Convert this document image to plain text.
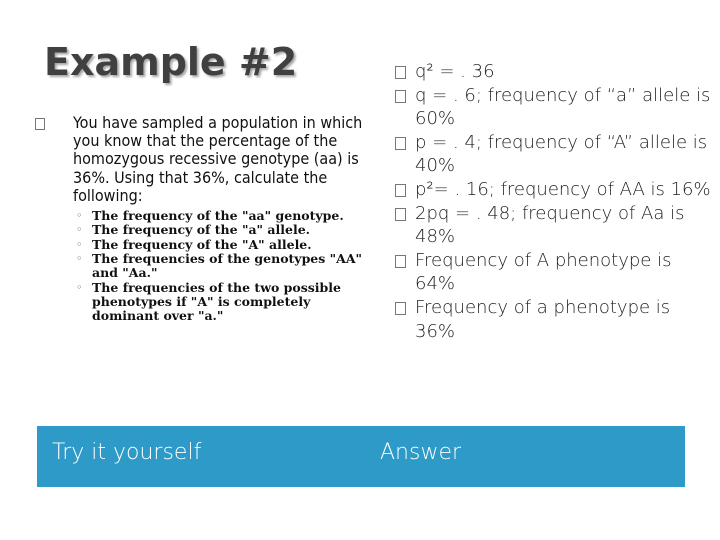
Example #2

You have sampled a population in which you know that the percentage of the homozygous recessive genotype (aa) is 36%. Using that 36%, calculate the following:

◦ The frequency of the "aa" genotype.
◦ The frequency of the "a" allele.
◦ The frequency of the "A" allele.
◦ The frequencies of the genotypes "AA" and "Aa."
◦ The frequencies of the two possible phenotypes if "A" is completely dominant over "a."
q² = . 36
q = . 6; frequency of “a” allele is 60%
p = . 4; frequency of “A” allele is 40%
p²= . 16; frequency of AA is 16%
2pq = . 48; frequency of Aa is 48%
Frequency of A phenotype is 64%
Frequency of a phenotype is 36%
Try it yourself	Answer
